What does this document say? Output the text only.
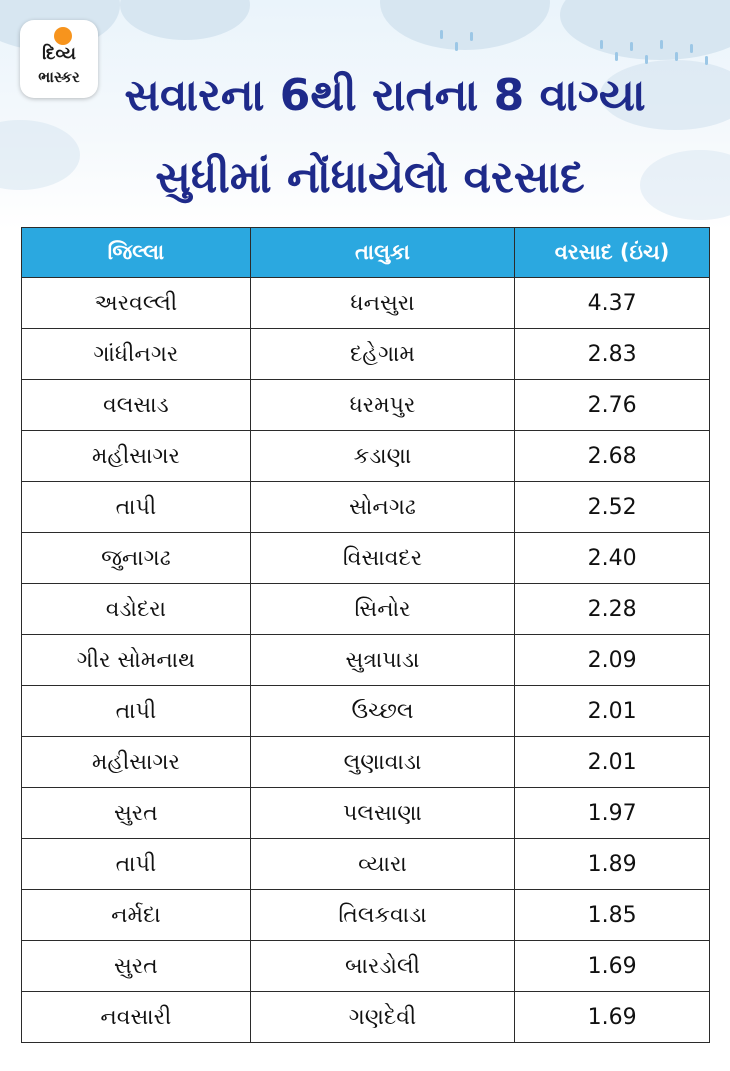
દિવ્ય
ભાસ્કર	સવારના 6થી રાતના 8 વાગ્યા
સુધીમાં નોંધાયેલો વરસાદ
જિલ્લા	તાલુકા	વરસાદ (ઇંચ)
અરવલ્લી	ધનસુરા	4.37
ગાંધીનગર	દહેગામ	2.83
વલસાડ	ધરમપુર	2.76
મહીસાગર	કડાણા	2.68
તાપી	સોનગઢ	2.52
જુનાગઢ	વિસાવદર	2.40
વડોદરા	સિનોર	2.28
ગીર સોમનાથ	સુત્રાપાડા	2.09
તાપી	ઉચ્છલ	2.01
મહીસાગર	લુણાવાડા	2.01
સુરત	પલસાણા	1.97
તાપી	વ્યારા	1.89
નર્મદા	તિલકવાડા	1.85
સુરત	બારડોલી	1.69
નવસારી	ગણદેવી	1.69
